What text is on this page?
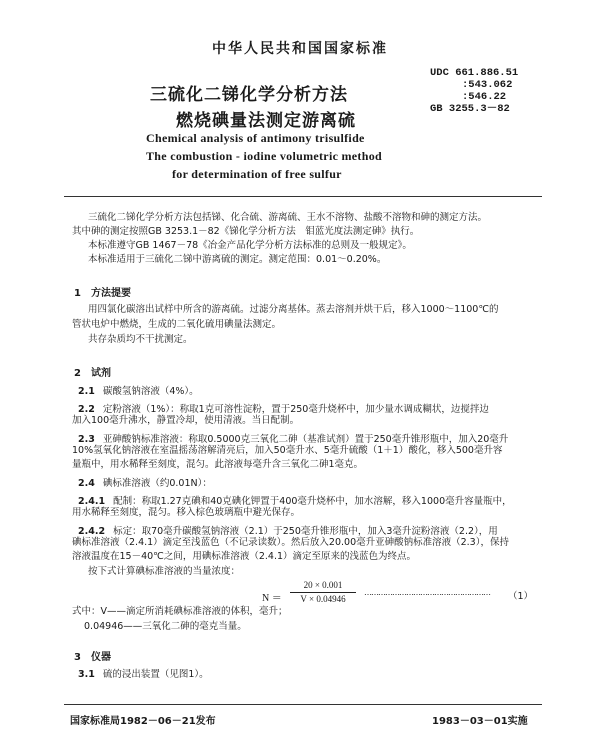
中华人民共和国国家标准
三硫化二锑化学分析方法
燃烧碘量法测定游离硫
UDC 661.886.51
:543.062
:546.22
GB 3255.3－82
Chemical analysis of antimony trisulfide
The combustion - iodine volumetric method
for determination of free sulfur
三硫化二锑化学分析方法包括锑、化合硫、游离硫、王水不溶物、盐酸不溶物和砷的测定方法。
其中砷的测定按照GB 3253.1－82《锑化学分析方法　钼蓝光度法测定砷》执行。
本标准遵守GB 1467－78《冶金产品化学分析方法标准的总则及一般规定》。
本标准适用于三硫化二锑中游离硫的测定。测定范围：0.01～0.20%。
1　方法提要
用四氯化碳溶出试样中所含的游离硫。过滤分离基体。蒸去溶剂并烘干后，移入1000～1100℃的
管状电炉中燃烧，生成的二氧化硫用碘量法测定。
共存杂质均不干扰测定。
2　试剂
2.1 碳酸氢钠溶液（4%）。
2.2 定粉溶液（1%）：称取1克可溶性淀粉，置于250毫升烧杯中，加少量水调成糊状，边搅拌边
加入100毫升沸水，静置冷却，使用清液。当日配制。
2.3 亚砷酸钠标准溶液：称取0.5000克三氧化二砷（基准试剂）置于250毫升锥形瓶中，加入20毫升
10%氢氧化钠溶液在室温摇荡溶解清亮后，加入50毫升水、5毫升硫酸（1＋1）酸化，移入500毫升容
量瓶中，用水稀释至刻度，混匀。此溶液每毫升含三氧化二砷1毫克。
2.4 碘标准溶液（约0.01N）：
2.4.1 配制：称取1.27克碘和40克碘化钾置于400毫升烧杯中，加水溶解，移入1000毫升容量瓶中，
用水稀释至刻度，混匀。移入棕色玻璃瓶中避光保存。
2.4.2 标定：取70毫升碳酸氢钠溶液（2.1）于250毫升锥形瓶中，加入3毫升淀粉溶液（2.2），用
碘标准溶液（2.4.1）滴定至浅蓝色（不记录读数）。然后放入20.00毫升亚砷酸钠标准溶液（2.3），保持
溶液温度在15－40℃之间，用碘标准溶液（2.4.1）滴定至原来的浅蓝色为终点。
按下式计算碘标准溶液的当量浓度：
N ＝
20 × 0.001
V × 0.04946
……………………………………………… （1）
式中：V——滴定所消耗碘标准溶液的体积，毫升；
0.04946——三氧化二砷的毫克当量。
3　仪器
3.1 硫的浸出装置（见图1）。
国家标准局1982－06－21发布	1983－03－01实施
